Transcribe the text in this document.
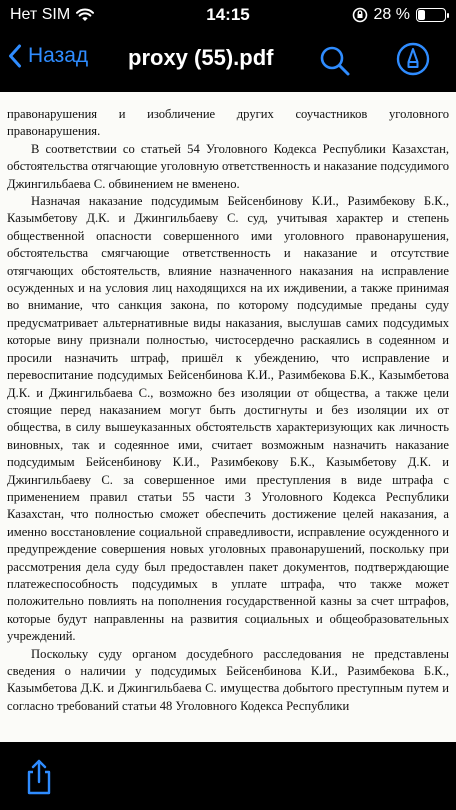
Нет SIM	14:15	28 %
Назад proxy (55).pdf

правонарушения и изобличение других соучастников уголовного правонарушения.

В соответствии со статьей 54 Уголовного Кодекса Республики Казахстан, обстоятельства отягчающие уголовную ответственность и наказание подсудимого Джингильбаева С. обвинением не вменено.

Назначая наказание подсудимым Бейсенбинову К.И., Разимбекову Б.К., Казымбетову Д.К. и Джингильбаеву С. суд, учитывая характер и степень общественной опасности совершенного ими уголовного правонарушения, обстоятельства смягчающие ответственность и наказание и отсутствие отягчающих обстоятельств, влияние назначенного наказания на исправление осужденных и на условия лиц находящихся на их иждивении, а также принимая во внимание, что санкция закона, по которому подсудимые преданы суду предусматривает альтернативные виды наказания, выслушав самих подсудимых которые вину признали полностью, чистосердечно раскаялись в содеянном и просили назначить штраф, пришёл к убеждению, что исправление и перевоспитание подсудимых Бейсенбинова К.И., Разимбекова Б.К., Казымбетова Д.К. и Джингильбаева С., возможно без изоляции от общества, а также цели стоящие перед наказанием могут быть достигнуты и без изоляции их от общества, в силу вышеуказанных обстоятельств характеризующих как личность виновных, так и содеянное ими, считает возможным назначить наказание подсудимым Бейсенбинову К.И., Разимбекову Б.К., Казымбетову Д.К. и Джингильбаеву С. за совершенное ими преступления в виде штрафа с применением правил статьи 55 части 3 Уголовного Кодекса Республики Казахстан, что полностью сможет обеспечить достижение целей наказания, а именно восстановление социальной справедливости, исправление осужденного и предупреждение совершения новых уголовных правонарушений, поскольку при рассмотрения дела суду был предоставлен пакет документов, подтверждающие платежеспособность подсудимых в уплате штрафа, что также может положительно повлиять на пополнения государственной казны за счет штрафов, которые будут направленны на развития социальных и общеобразовательных учреждений.

Поскольку суду органом досудебного расследования не представлены сведения о наличии у подсудимых Бейсенбинова К.И., Разимбекова Б.К., Казымбетова Д.К. и Джингильбаева С. имущества добытого преступным путем и согласно требований статьи 48 Уголовного Кодекса Республики
